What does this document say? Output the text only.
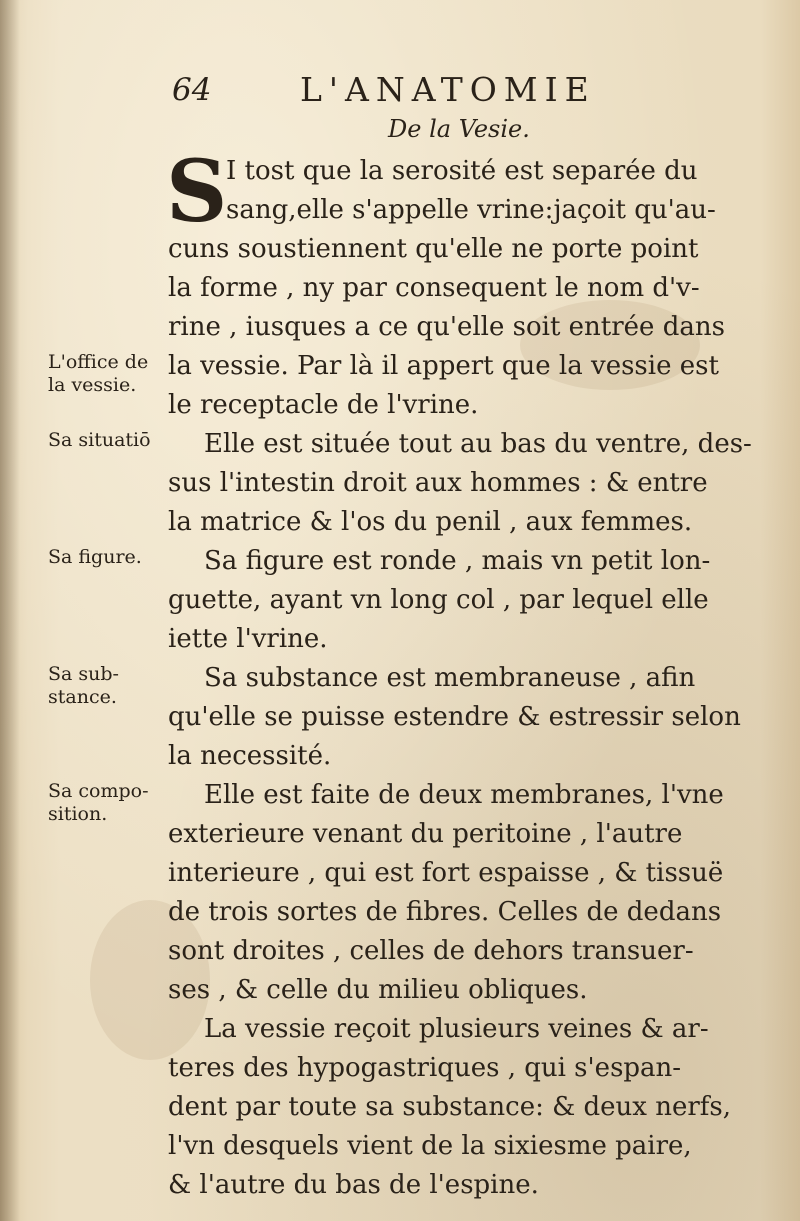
64	L'ANATOMIE
De la Vesie.
S
I tost que la serosité est separée du
sang,elle s'appelle vrine:jaçoit qu'au-
cuns soustiennent qu'elle ne porte point
la forme , ny par consequent le nom d'v-
rine , iusques a ce qu'elle soit entrée dans
la vessie. Par là il appert que la vessie est
le receptacle de l'vrine.
Elle est située tout au bas du ventre, des-
sus l'intestin droit aux hommes : & entre
la matrice & l'os du penil , aux femmes.
Sa figure est ronde , mais vn petit lon-
guette, ayant vn long col , par lequel elle
iette l'vrine.
Sa substance est membraneuse , afin
qu'elle se puisse estendre & estressir selon
la necessité.
Elle est faite de deux membranes, l'vne
exterieure venant du peritoine , l'autre
interieure , qui est fort espaisse , & tissuë
de trois sortes de fibres. Celles de dedans
sont droites , celles de dehors transuer-
ses , & celle du milieu obliques.
La vessie reçoit plusieurs veines & ar-
teres des hypogastriques , qui s'espan-
dent par toute sa substance: & deux nerfs,
l'vn desquels vient de la sixiesme paire,
& l'autre du bas de l'espine.
L'office de
la vessie.
Sa situatiō
Sa figure.
Sa sub-
stance.
Sa compo-
sition.
